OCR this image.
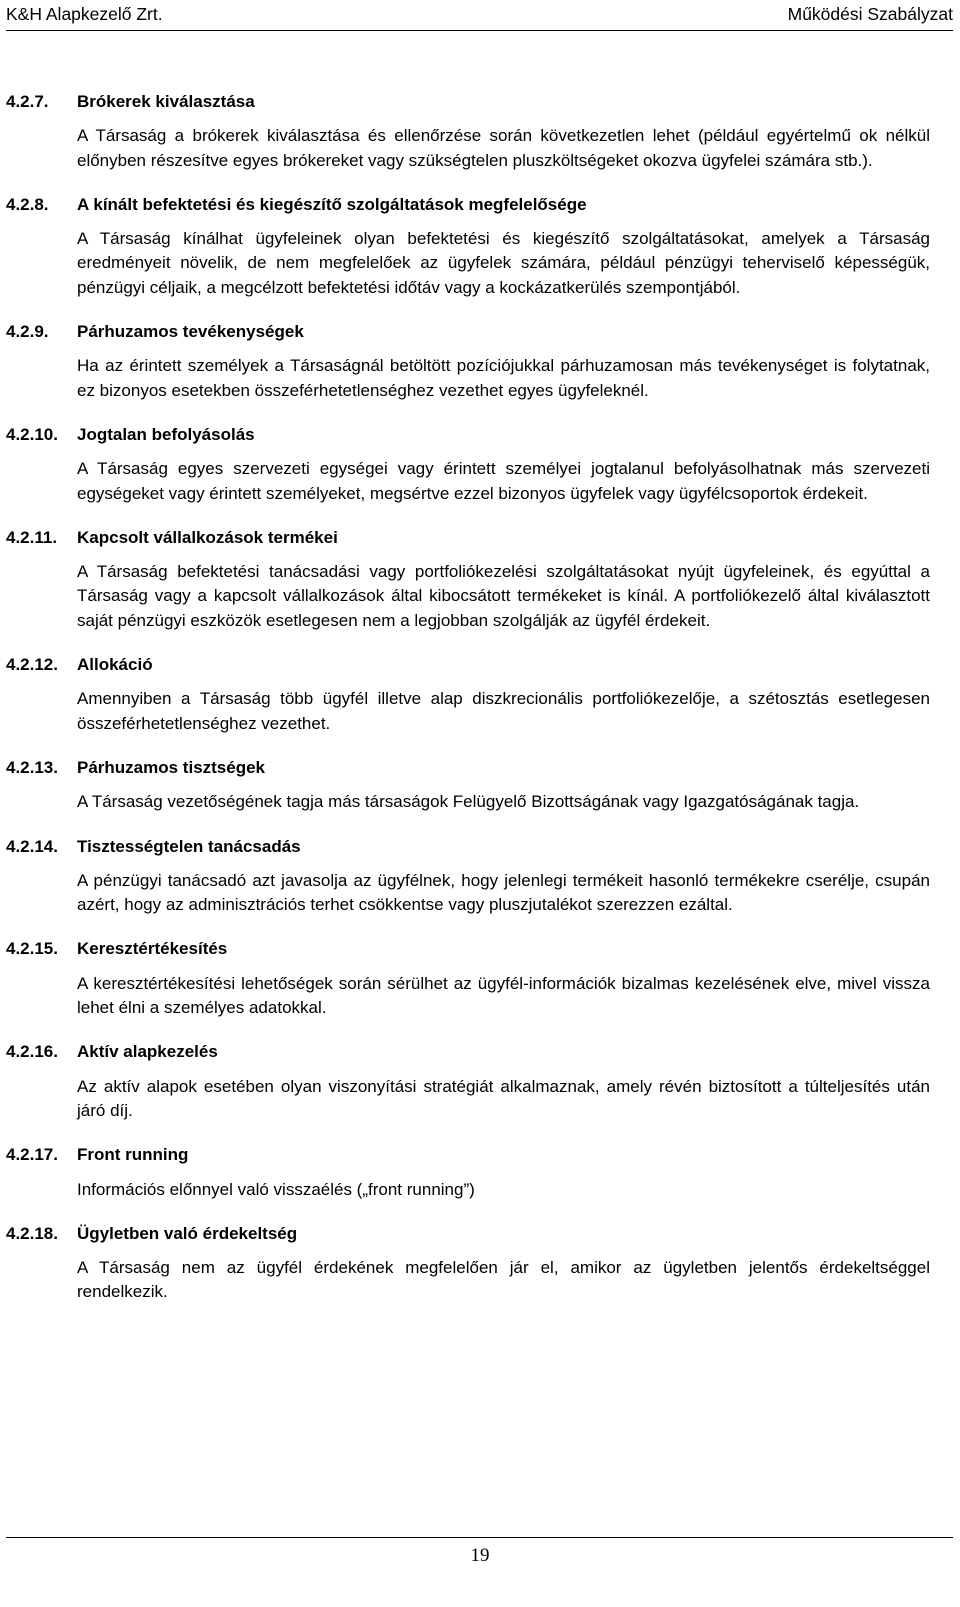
K&H Alapkezelő Zrt.	Működési Szabályzat
4.2.7.	Brókerek kiválasztása
A Társaság a brókerek kiválasztása és ellenőrzése során következetlen lehet (például egyértelmű ok nélkül előnyben részesítve egyes brókereket vagy szükségtelen pluszköltségeket okozva ügyfelei számára stb.).
4.2.8.	A kínált befektetési és kiegészítő szolgáltatások megfelelősége
A Társaság kínálhat ügyfeleinek olyan befektetési és kiegészítő szolgáltatásokat, amelyek a Társaság eredményeit növelik, de nem megfelelőek az ügyfelek számára, például pénzügyi teherviselő képességük, pénzügyi céljaik, a megcélzott befektetési időtáv vagy a kockázatkerülés szempontjából.
4.2.9.	Párhuzamos tevékenységek
Ha az érintett személyek a Társaságnál betöltött pozíciójukkal párhuzamosan más tevékenységet is folytatnak, ez bizonyos esetekben összeférhetetlenséghez vezethet egyes ügyfeleknél.
4.2.10.	Jogtalan befolyásolás
A Társaság egyes szervezeti egységei vagy érintett személyei jogtalanul befolyásolhatnak más szervezeti egységeket vagy érintett személyeket, megsértve ezzel bizonyos ügyfelek vagy ügyfélcsoportok érdekeit.
4.2.11.	Kapcsolt vállalkozások termékei
A Társaság befektetési tanácsadási vagy portfoliókezelési szolgáltatásokat nyújt ügyfeleinek, és egyúttal a Társaság vagy a kapcsolt vállalkozások által kibocsátott termékeket is kínál. A portfoliókezelő által kiválasztott saját pénzügyi eszközök esetlegesen nem a legjobban szolgálják az ügyfél érdekeit.
4.2.12.	Allokáció
Amennyiben a Társaság több ügyfél illetve alap diszkrecionális portfoliókezelője, a szétosztás esetlegesen összeférhetetlenséghez vezethet.
4.2.13.	Párhuzamos tisztségek
A Társaság vezetőségének tagja más társaságok Felügyelő Bizottságának vagy Igazgatóságának tagja.
4.2.14.	Tisztességtelen tanácsadás
A pénzügyi tanácsadó azt javasolja az ügyfélnek, hogy jelenlegi termékeit hasonló termékekre cserélje, csupán azért, hogy az adminisztrációs terhet csökkentse vagy pluszjutalékot szerezzen ezáltal.
4.2.15.	Keresztértékesítés
A keresztértékesítési lehetőségek során sérülhet az ügyfél-információk bizalmas kezelésének elve, mivel vissza lehet élni a személyes adatokkal.
4.2.16.	Aktív alapkezelés
Az aktív alapok esetében olyan viszonyítási stratégiát alkalmaznak, amely révén biztosított a túlteljesítés után járó díj.
4.2.17.	Front running
Információs előnnyel való visszaélés („front running”)
4.2.18.	Ügyletben való érdekeltség
A Társaság nem az ügyfél érdekének megfelelően jár el, amikor az ügyletben jelentős érdekeltséggel rendelkezik.
19
